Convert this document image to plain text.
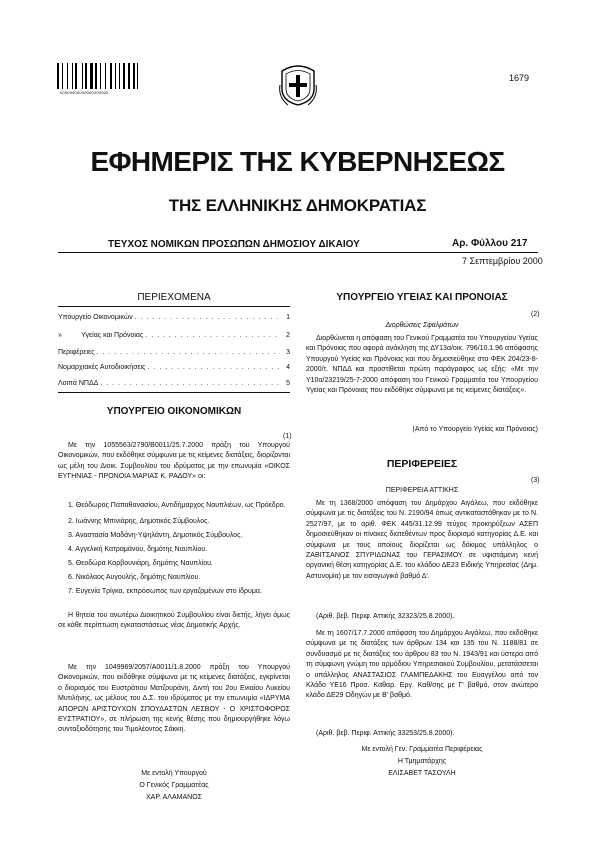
00000000000000000000
1679
ΕΦΗΜΕΡΙΣ ΤΗΣ ΚΥΒΕΡΝΗΣΕΩΣ
ΤΗΣ ΕΛΛΗΝΙΚΗΣ ΔΗΜΟΚΡΑΤΙΑΣ
ΤΕΥΧΟΣ ΝΟΜΙΚΩΝ ΠΡΟΣΩΠΩΝ ΔΗΜΟΣΙΟΥ ΔΙΚΑΙΟΥ	Αρ. Φύλλου 217
7 Σεπτεμβρίου 2000
ΠΕΡΙΕΧΟΜΕΝΑ
Υπουργείο Οικονομικών . . .	1
»          Υγείας και Πρόνοιας . . .	2
Περιφέρειες . . .	3
Νομαρχιακές Αυτοδιοικήσεις . . .	4
Λοιπά ΝΠΔΔ . . .	5
ΥΠΟΥΡΓΕΙΟ ΟΙΚΟΝΟΜΙΚΩΝ
(1)
Με την 1055563/2790/Β0011/25.7.2000 πράξη του Υπουργού Οικονομικών, που εκδόθηκε σύμφωνα με τις κείμενες διατάξεις, διορίζονται ως μέλη του Διοικ. Συμβουλίου του ιδρύματος με την επωνυμία «ΟΙΚΟΣ ΕΥΓΗΝΙΑΣ - ΠΡΟΝΟΙΑ ΜΑΡΙΑΣ Κ. ΡΑΔΟΥ» οι:
1. Θεόδωρος Παπαθανασίου, Αντιδήμαρχος Ναυπλιέων, ως Πρόεδρο.
2. Ιωάννης Μπινιάρης, Δημοτικός Σύμβουλος.
3. Αναστασία Μαδάνη-Υψηλάντη, Δημοτικός Σύμβουλος.
4. Αγγελική Κατραμάνου, δημότης Ναυπλίου.
5. Θεοδώρα Καρβουνιάρη, δημότης Ναυπλίου.
6. Νικόλαος Αυγουλής, δημότης Ναυπλίου.
7. Ευγενία Τρίγκα, εκπρόσωπος των εργαζομένων στο ίδρυμα.
Η θητεία του ανωτέρω Διοικητικού Συμβουλίου είναι διετής, λήγει όμως σε κάθε περίπτωση εγκαταστάσεως νέας Δημοτικής Αρχής.
Με την 1049969/2057/Α0011/1.8.2000 πράξη του Υπουργού Οικονομικών, που εκδόθηκε σύμφωνα με τις κείμενες διατάξεις, εγκρίνεται ο διορισμός του Ευστράτιου Ματζουράνη, Διντή του 2ου Ενιαίου Λυκείου Μυτιλήνης, ως μέλους του Δ.Σ. του ιδρύματος με την επωνυμία «ΙΔΡΥΜΑ ΑΠΟΡΩΝ ΑΡΙΣΤΟΥΧΩΝ ΣΠΟΥΔΑΣΤΩΝ ΛΕΣΒΟΥ - Ο ΧΡΙΣΤΟΦΟΡΟΣ ΕΥΣΤΡΑΤΙΟΥ», σε πλήρωση της κενής θέσης που δημιουργήθηκε λόγω συνταξιοδότησης του Τιμολέοντος Σάκκη.
Με εντολή Υπουργού
Ο Γενικός Γραμματέας
ΧΑΡ. ΑΛΑΜΑΝΟΣ
ΥΠΟΥΡΓΕΙΟ ΥΓΕΙΑΣ ΚΑΙ ΠΡΟΝΟΙΑΣ
(2)
Διορθώσεις Σφαλμάτων
Διορθώνεται η απόφαση του Γενικού Γραμματέα του Υπουργείου Υγείας και Πρόνοιας που αφορά ανάκληση της ΔΥ13α/οικ. 796/10.1.96 απόφασης Υπουργού Υγείας και Πρόνοιας και που δημοσιεύθηκε στο ΦΕΚ 204/23-8-2000/τ. ΝΠΔΔ και προστίθεται πρώτη παράγραφος ως εξής: «Με την Υ10α/23219/25-7-2000 απόφαση του Γενικού Γραμματέα του Υπουργείου Υγείας και Πρόνοιας που εκδόθηκε σύμφωνα με τις κείμενες διατάξεις».
(Από το Υπουργείο Υγείας και Πρόνοιας)
ΠΕΡΙΦΕΡΕΙΕΣ
(3)
ΠΕΡΙΦΕΡΕΙΑ ΑΤΤΙΚΗΣ
Με τη 1368/2000 απόφαση του Δημάρχου Αιγάλεω, που εκδόθηκε σύμφωνα με τις διατάξεις του Ν. 2190/94 όπως αντικαταστάθηκαν με το Ν. 2527/97, με το αριθ. ΦΕΚ 445/31.12.99 τεύχος προκηρύξεων ΑΣΕΠ δημοσιεύθηκαν οι πίνακες διατεθέντων προς διορισμό κατηγορίας Δ.Ε. και σύμφωνα με τους οποίους διορίζεται ως δόκιμος υπάλληλος ο ΖΑΒΙΤΣΑΝΟΣ ΣΠΥΡΙΔΩΝΑΣ του ΓΕΡΑΣΙΜΟΥ σε υφιστάμενη κενή οργανική θέση κατηγορίας Δ.Ε. του κλάδου ΔΕ23 Ειδικής Υπηρεσίας (Δημ. Αστυνομία) με τον εισαγωγικό βαθμό Δ'.
(Αριθ. βεβ. Περιφ. Αττικής 32323/25.8.2000).
Με τη 1607/17.7.2000 απόφαση του Δημάρχου Αιγάλεω, που εκδόθηκε σύμφωνα με τις διατάξεις των άρθρων 134 και 135 του Ν. 1188/81 σε συνδυασμό με τις διατάξεις του άρθρου 83 του Ν. 1943/91 και ύστερα από τη σύμφωνη γνώμη του αρμόδιου Υπηρεσιακού Συμβουλίου, μετατάσσεται ο υπάλληλος ΑΝΑΣΤΑΣΙΟΣ ΓΛΑΜΠΕΔΑΚΗΣ του Ευαγγέλου από τον Κλάδο ΥΕ16 Προσ. Καθαρ. Εργ. Καθ/σης με Γ' βαθμό, στον ανώτερο κλάδο ΔΕ29 Οδηγών με Β' βαθμό.
(Αριθ. βεβ. Περιφ. Αττικής 33253/25.8.2000).
Με εντολή Γεν. Γραμματέα Περιφέρειας
Η Τμηματάρχης
ΕΛΙΣΑΒΕΤ ΤΑΣΟΥΛΗ
